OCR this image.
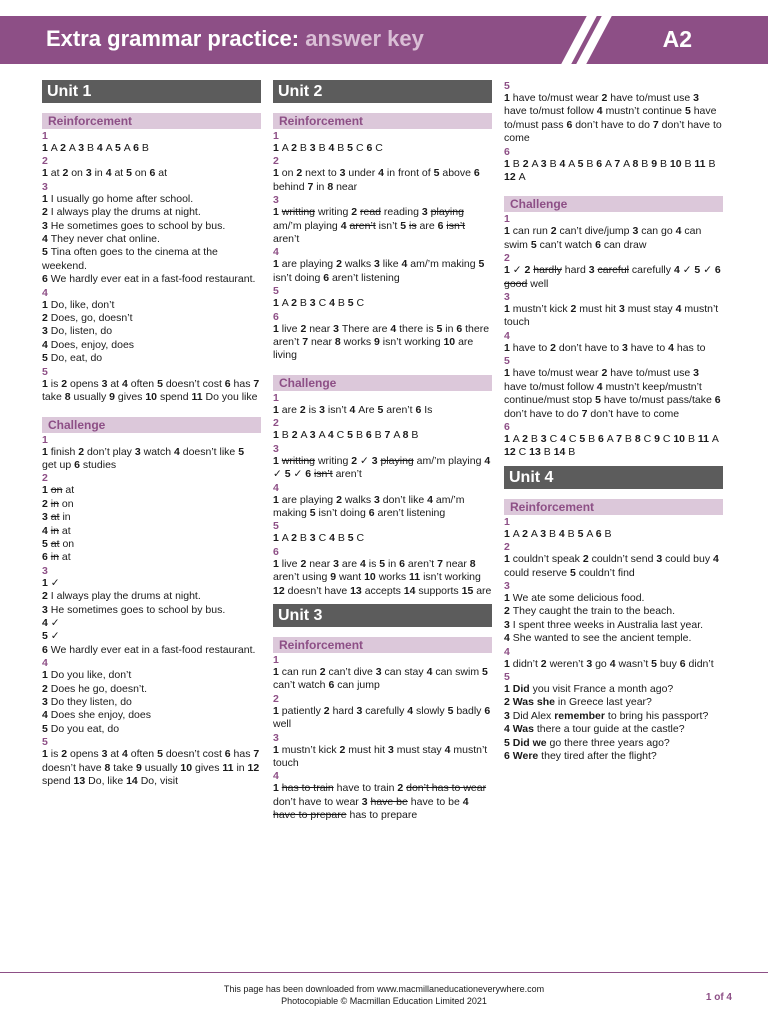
Extra grammar practice: answer key	A2
Unit 1
Reinforcement
1

1 A 2 A 3 B 4 A 5 A 6 B

2

1 at 2 on 3 in 4 at 5 on 6 at

3

1 I usually go home after school.

2 I always play the drums at night.

3 He sometimes goes to school by bus.

4 They never chat online.

5 Tina often goes to the cinema at the weekend.

6 We hardly ever eat in a fast-food restaurant.

4

1 Do, like, don’t

2 Does, go, doesn’t

3 Do, listen, do

4 Does, enjoy, does

5 Do, eat, do

5

1 is 2 opens 3 at 4 often 5 doesn’t cost 6 has 7 take 8 usually 9 gives 10 spend 11 Do you like

Challenge
1

1 finish 2 don’t play 3 watch 4 doesn’t like 5 get up 6 studies

2

1 on at

2 in on

3 at in

4 in at

5 at on

6 in at

3

1 ✓

2 I always play the drums at night.

3 He sometimes goes to school by bus.

4 ✓

5 ✓

6 We hardly ever eat in a fast-food restaurant.

4

1 Do you like, don’t

2 Does he go, doesn’t.

3 Do they listen, do

4 Does she enjoy, does

5 Do you eat, do

5

1 is 2 opens 3 at 4 often 5 doesn’t cost 6 has 7 doesn’t have 8 take 9 usually 10 gives 11 in 12 spend 13 Do, like 14 Do, visit

Unit 2
Reinforcement
1

1 A 2 B 3 B 4 B 5 C 6 C

2

1 on 2 next to 3 under 4 in front of 5 above 6 behind 7 in 8 near

3

1 writting writing 2 read reading 3 playing am/’m playing 4 aren’t isn’t 5 is are 6 isn’t aren’t

4

1 are playing 2 walks 3 like 4 am/’m making 5 isn’t doing 6 aren’t listening

5

1 A 2 B 3 C 4 B 5 C

6

1 live 2 near 3 There are 4 there is 5 in 6 there aren’t 7 near 8 works 9 isn’t working 10 are living

Challenge
1

1 are 2 is 3 isn’t 4 Are 5 aren’t 6 Is

2

1 B 2 A 3 A 4 C 5 B 6 B 7 A 8 B

3

1 writting writing 2 ✓ 3 playing am/’m playing 4 ✓ 5 ✓ 6 isn’t aren’t

4

1 are playing 2 walks 3 don’t like 4 am/’m making 5 isn’t doing 6 aren’t listening

5

1 A 2 B 3 C 4 B 5 C

6

1 live 2 near 3 are 4 is 5 in 6 aren’t 7 near 8 aren’t using 9 want 10 works 11 isn’t working 12 doesn’t have 13 accepts 14 supports 15 are

Unit 3
Reinforcement
1

1 can run 2 can’t dive 3 can stay 4 can swim 5 can’t watch 6 can jump

2

1 patiently 2 hard 3 carefully 4 slowly 5 badly 6 well

3

1 mustn’t kick 2 must hit 3 must stay 4 mustn’t touch

4

1 has to train have to train 2 don’t has to wear don’t have to wear 3 have be have to be 4 have to prepare has to prepare

5

1 have to/must wear 2 have to/must use 3 have to/must follow 4 mustn’t continue 5 have to/must pass 6 don’t have to do 7 don’t have to come

6

1 B 2 A 3 B 4 A 5 B 6 A 7 A 8 B 9 B 10 B 11 B 12 A

Challenge
1

1 can run 2 can’t dive/jump 3 can go 4 can swim 5 can’t watch 6 can draw

2

1 ✓ 2 hardly hard 3 careful carefully 4 ✓ 5 ✓ 6 good well

3

1 mustn’t kick 2 must hit 3 must stay 4 mustn’t touch

4

1 have to 2 don’t have to 3 have to 4 has to

5

1 have to/must wear 2 have to/must use 3 have to/must follow 4 mustn’t keep/mustn’t continue/must stop 5 have to/must pass/take 6 don’t have to do 7 don’t have to come

6

1 A 2 B 3 C 4 C 5 B 6 A 7 B 8 C 9 C 10 B 11 A 12 C 13 B 14 B

Unit 4
Reinforcement
1

1 A 2 A 3 B 4 B 5 A 6 B

2

1 couldn’t speak 2 couldn’t send 3 could buy 4 could reserve 5 couldn’t find

3

1 We ate some delicious food.

2 They caught the train to the beach.

3 I spent three weeks in Australia last year.

4 She wanted to see the ancient temple.

4

1 didn’t 2 weren’t 3 go 4 wasn’t 5 buy 6 didn’t

5

1 Did you visit France a month ago?

2 Was she in Greece last year?

3 Did Alex remember to bring his passport?

4 Was there a tour guide at the castle?

5 Did we go there three years ago?

6 Were they tired after the flight?

This page has been downloaded from www.macmillaneducationeverywhere.com
Photocopiable © Macmillan Education Limited 2021	1 of 4
